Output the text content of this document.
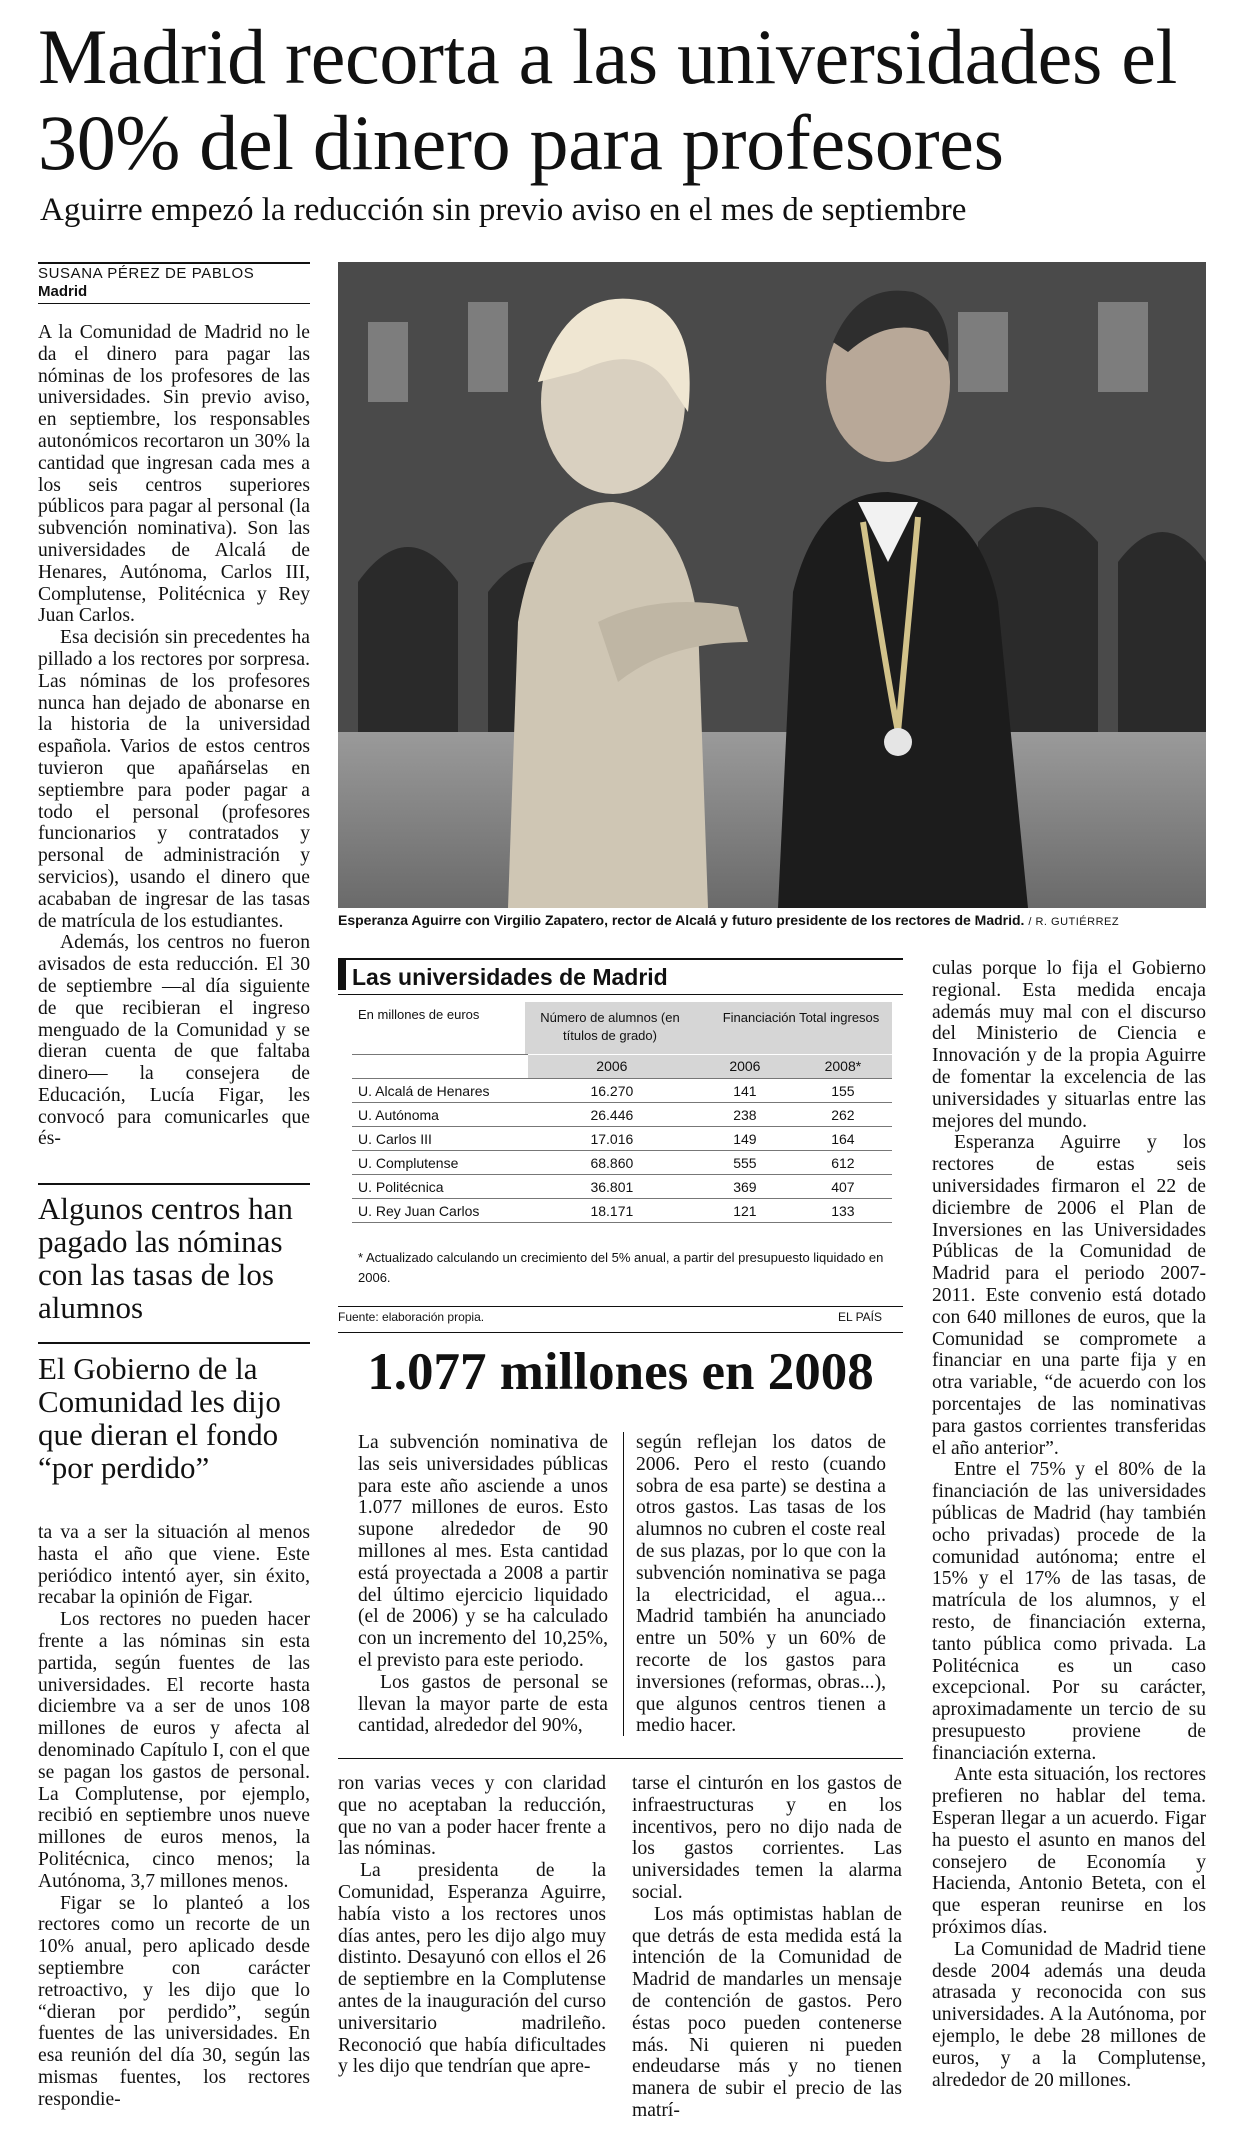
Madrid recorta a las universidades el 30% del dinero para profesores
Aguirre empezó la reducción sin previo aviso en el mes de septiembre
SUSANA PÉREZ DE PABLOS
Madrid

A la Comunidad de Madrid no le da el dinero para pagar las nóminas de los profesores de las universidades. Sin previo aviso, en septiembre, los responsables autonómicos recortaron un 30% la cantidad que ingresan cada mes a los seis centros superiores públicos para pagar al personal (la subvención nominativa). Son las universidades de Alcalá de Henares, Autónoma, Carlos III, Complutense, Politécnica y Rey Juan Carlos.

Esa decisión sin precedentes ha pillado a los rectores por sorpresa. Las nóminas de los profesores nunca han dejado de abonarse en la historia de la universidad española. Varios de estos centros tuvieron que apañárselas en septiembre para poder pagar a todo el personal (profesores funcionarios y contratados y personal de administración y servicios), usando el dinero que acababan de ingresar de las tasas de matrícula de los estudiantes.

Además, los centros no fueron avisados de esta reducción. El 30 de septiembre —al día siguiente de que recibieran el ingreso menguado de la Comunidad y se dieran cuenta de que faltaba dinero— la consejera de Educación, Lucía Figar, les convocó para comunicarles que és-

Algunos centros han pagado las nóminas con las tasas de los alumnos
El Gobierno de la Comunidad les dijo que dieran el fondo “por perdido”

ta va a ser la situación al menos hasta el año que viene. Este periódico intentó ayer, sin éxito, recabar la opinión de Figar.

Los rectores no pueden hacer frente a las nóminas sin esta partida, según fuentes de las universidades. El recorte hasta diciembre va a ser de unos 108 millones de euros y afecta al denominado Capítulo I, con el que se pagan los gastos de personal. La Complutense, por ejemplo, recibió en septiembre unos nueve millones de euros menos, la Politécnica, cinco menos; la Autónoma, 3,7 millones menos.

Figar se lo planteó a los rectores como un recorte de un 10% anual, pero aplicado desde septiembre con carácter retroactivo, y les dijo que lo “dieran por perdido”, según fuentes de las universidades. En esa reunión del día 30, según las mismas fuentes, los rectores respondie-

Esperanza Aguirre con Virgilio Zapatero, rector de Alcalá y futuro presidente de los rectores de Madrid. / R. GUTIÉRREZ
Las universidades de Madrid
En millones de euros	Número de alumnos (en títulos de grado)
Financiación Total ingresos
	2006	2006	2008*
U. Alcalá de Henares	16.270	141	155
U. Autónoma	26.446	238	262
U. Carlos III	17.016	149	164
U. Complutense	68.860	555	612
U. Politécnica	36.801	369	407
U. Rey Juan Carlos	18.171	121	133
* Actualizado calculando un crecimiento del 5% anual, a partir del presupuesto liquidado en 2006.
Fuente: elaboración propia.	EL PAÍS
1.077 millones en 2008

La subvención nominativa de las seis universidades públicas para este año asciende a unos 1.077 millones de euros. Esto supone alrededor de 90 millones al mes. Esta cantidad está proyectada a 2008 a partir del último ejercicio liquidado (el de 2006) y se ha calculado con un incremento del 10,25%, el previsto para este periodo.

Los gastos de personal se llevan la mayor parte de esta cantidad, alrededor del 90%,

según reflejan los datos de 2006. Pero el resto (cuando sobra de esa parte) se destina a otros gastos. Las tasas de los alumnos no cubren el coste real de sus plazas, por lo que con la subvención nominativa se paga la electricidad, el agua... Madrid también ha anunciado entre un 50% y un 60% de recorte de los gastos para inversiones (reformas, obras...), que algunos centros tienen a medio hacer.

ron varias veces y con claridad que no aceptaban la reducción, que no van a poder hacer frente a las nóminas.

La presidenta de la Comunidad, Esperanza Aguirre, había visto a los rectores unos días antes, pero les dijo algo muy distinto. Desayunó con ellos el 26 de septiembre en la Complutense antes de la inauguración del curso universitario madrileño. Reconoció que había dificultades y les dijo que tendrían que apre-

tarse el cinturón en los gastos de infraestructuras y en los incentivos, pero no dijo nada de los gastos corrientes. Las universidades temen la alarma social.

Los más optimistas hablan de que detrás de esta medida está la intención de la Comunidad de Madrid de mandarles un mensaje de contención de gastos. Pero éstas poco pueden contenerse más. Ni quieren ni pueden endeudarse más y no tienen manera de subir el precio de las matrí-

culas porque lo fija el Gobierno regional. Esta medida encaja además muy mal con el discurso del Ministerio de Ciencia e Innovación y de la propia Aguirre de fomentar la excelencia de las universidades y situarlas entre las mejores del mundo.

Esperanza Aguirre y los rectores de estas seis universidades firmaron el 22 de diciembre de 2006 el Plan de Inversiones en las Universidades Públicas de la Comunidad de Madrid para el periodo 2007-2011. Este convenio está dotado con 640 millones de euros, que la Comunidad se compromete a financiar en una parte fija y en otra variable, “de acuerdo con los porcentajes de las nominativas para gastos corrientes transferidas el año anterior”.

Entre el 75% y el 80% de la financiación de las universidades públicas de Madrid (hay también ocho privadas) procede de la comunidad autónoma; entre el 15% y el 17% de las tasas, de matrícula de los alumnos, y el resto, de financiación externa, tanto pública como privada. La Politécnica es un caso excepcional. Por su carácter, aproximadamente un tercio de su presupuesto proviene de financiación externa.

Ante esta situación, los rectores prefieren no hablar del tema. Esperan llegar a un acuerdo. Figar ha puesto el asunto en manos del consejero de Economía y Hacienda, Antonio Beteta, con el que esperan reunirse en los próximos días.

La Comunidad de Madrid tiene desde 2004 además una deuda atrasada y reconocida con sus universidades. A la Autónoma, por ejemplo, le debe 28 millones de euros, y a la Complutense, alrededor de 20 millones.
